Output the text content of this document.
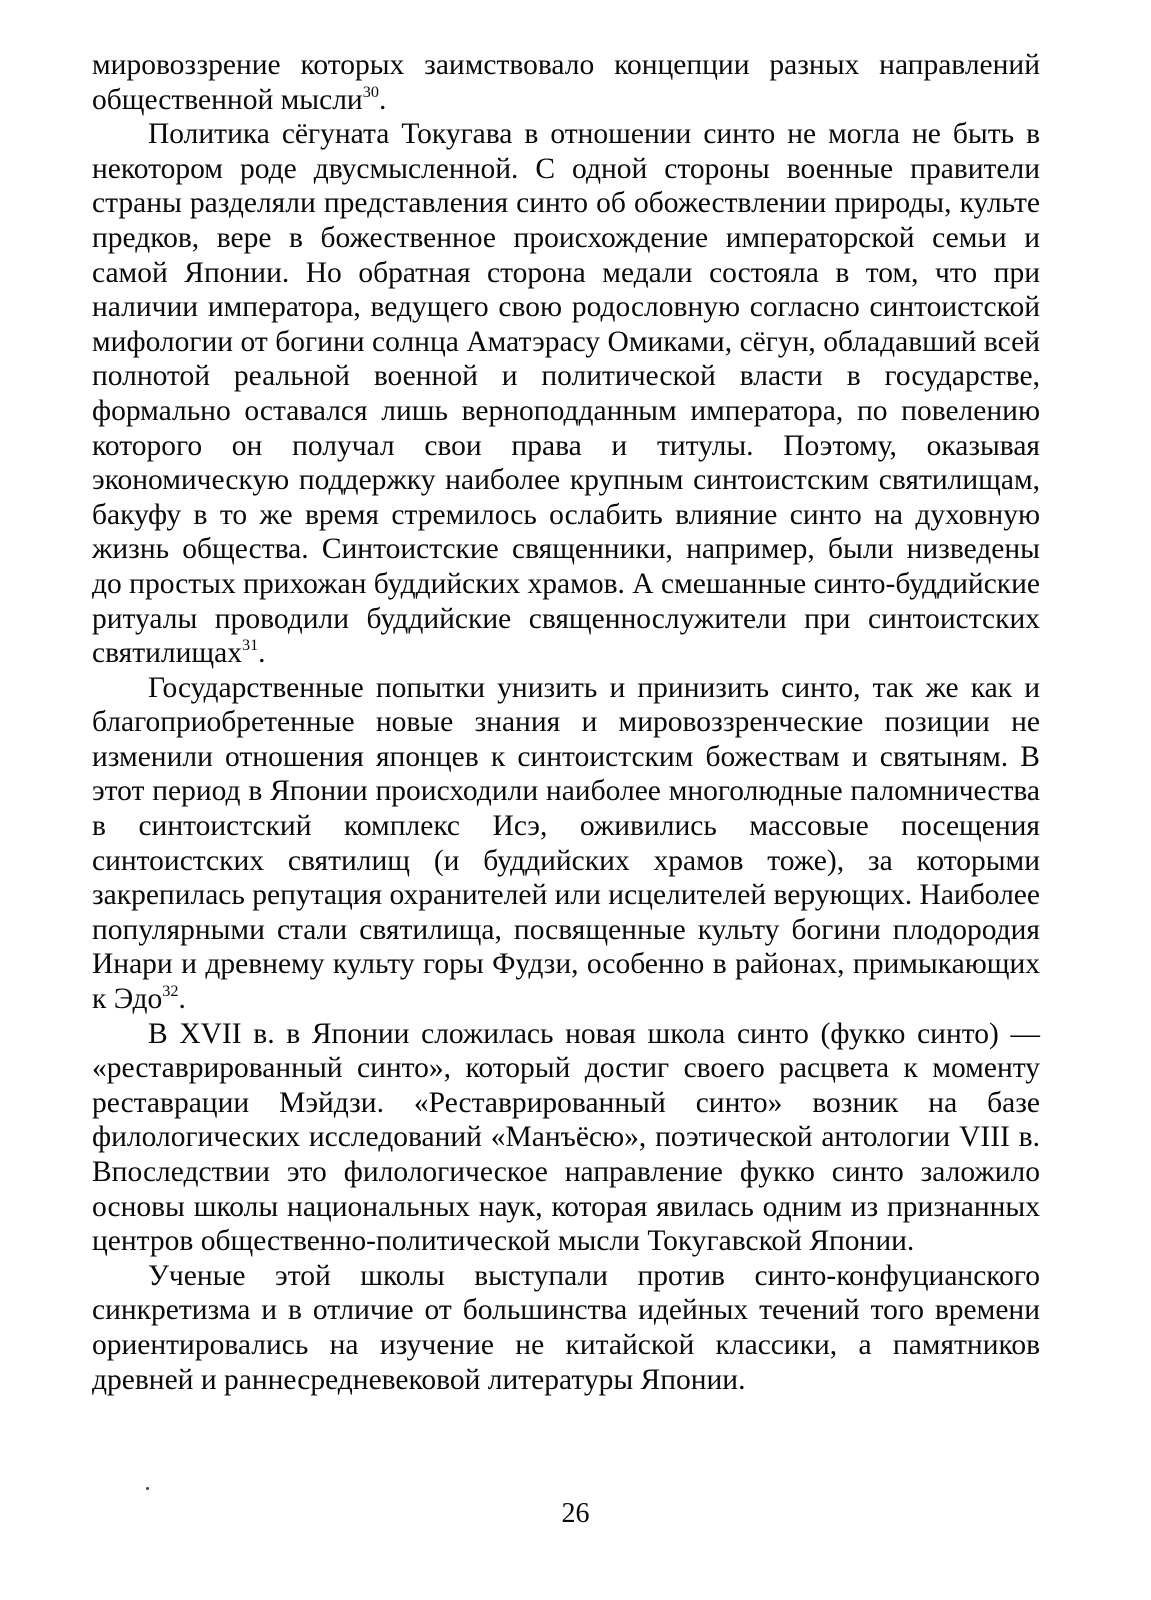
мировоззрение которых заимствовало концепции разных направлений общественной мысли$^{30}$.

Политика сёгуната Токугава в отношении синто не могла не быть в некотором роде двусмысленной. С одной стороны военные правители страны разделяли представления синто об обожествлении природы, культе предков, вере в божественное происхождение императорской семьи и самой Японии. Но обратная сторона медали состояла в том, что при наличии императора, ведущего свою родословную согласно синтоистской мифологии от богини солнца Аматэрасу Омиками, сёгун, обладавший всей полнотой реальной военной и политической власти в государстве, формально оставался лишь верноподданным императора, по повелению которого он получал свои права и титулы. Поэтому, оказывая экономическую поддержку наиболее крупным синтоистским святилищам, бакуфу в то же время стремилось ослабить влияние синто на духовную жизнь общества. Синтоистские священники, например, были низведены до простых прихожан буддийских храмов. А смешанные синто-буддийские ритуалы проводили буддийские священнослужители при синтоистских святилищах$^{31}$.

Государственные попытки унизить и принизить синто, так же как и благоприобретенные новые знания и мировоззренческие позиции не изменили отношения японцев к синтоистским божествам и святыням. В этот период в Японии происходили наиболее многолюдные паломничества в синтоистский комплекс Исэ, оживились массовые посещения синтоистских святилищ (и буддийских храмов тоже), за которыми закрепилась репутация охранителей или исцелителей верующих. Наиболее популярными стали святилища, посвященные культу богини плодородия Инари и древнему культу горы Фудзи, особенно в районах, примыкающих к Эдо$^{32}$.

В XVII в. в Японии сложилась новая школа синто (фукко синто) — «реставрированный синто», который достиг своего расцвета к моменту реставрации Мэйдзи. «Реставрированный синто» возник на базе филологических исследований «Манъёсю», поэтической антологии VIII в. Впоследствии это филологическое направление фукко синто заложило основы школы национальных наук, которая явилась одним из признанных центров общественно-политической мысли Токугавской Японии.

Ученые этой школы выступали против синто-конфуцианского синкретизма и в отличие от большинства идейных течений того времени ориентировались на изучение не китайской классики, а памятников древней и раннесредневековой литературы Японии.

26
